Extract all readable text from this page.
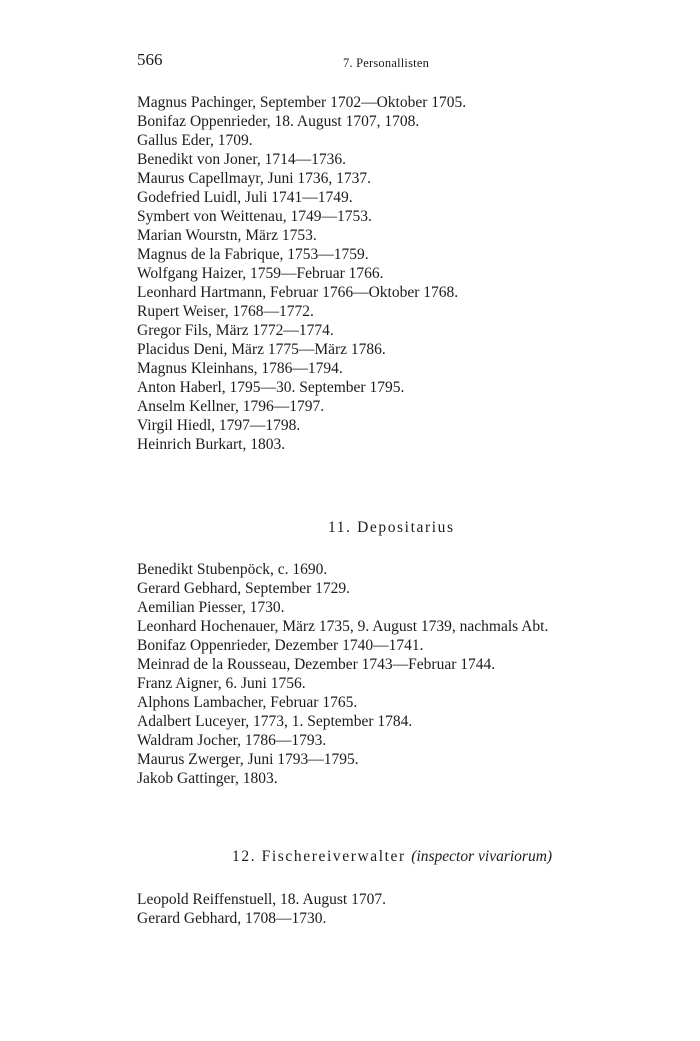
566	7. Personallisten
Magnus Pachinger, September 1702—Oktober 1705.
Bonifaz Oppenrieder, 18. August 1707, 1708.
Gallus Eder, 1709.
Benedikt von Joner, 1714—1736.
Maurus Capellmayr, Juni 1736, 1737.
Godefried Luidl, Juli 1741—1749.
Symbert von Weittenau, 1749—1753.
Marian Wourstn, März 1753.
Magnus de la Fabrique, 1753—1759.
Wolfgang Haizer, 1759—Februar 1766.
Leonhard Hartmann, Februar 1766—Oktober 1768.
Rupert Weiser, 1768—1772.
Gregor Fils, März 1772—1774.
Placidus Deni, März 1775—März 1786.
Magnus Kleinhans, 1786—1794.
Anton Haberl, 1795—30. September 1795.
Anselm Kellner, 1796—1797.
Virgil Hiedl, 1797—1798.
Heinrich Burkart, 1803.
11. Depositarius
Benedikt Stubenpöck, c. 1690.
Gerard Gebhard, September 1729.
Aemilian Piesser, 1730.
Leonhard Hochenauer, März 1735, 9. August 1739, nachmals Abt.
Bonifaz Oppenrieder, Dezember 1740—1741.
Meinrad de la Rousseau, Dezember 1743—Februar 1744.
Franz Aigner, 6. Juni 1756.
Alphons Lambacher, Februar 1765.
Adalbert Luceyer, 1773, 1. September 1784.
Waldram Jocher, 1786—1793.
Maurus Zwerger, Juni 1793—1795.
Jakob Gattinger, 1803.
12. Fischereiverwalter (inspector vivariorum)
Leopold Reiffenstuell, 18. August 1707.
Gerard Gebhard, 1708—1730.
